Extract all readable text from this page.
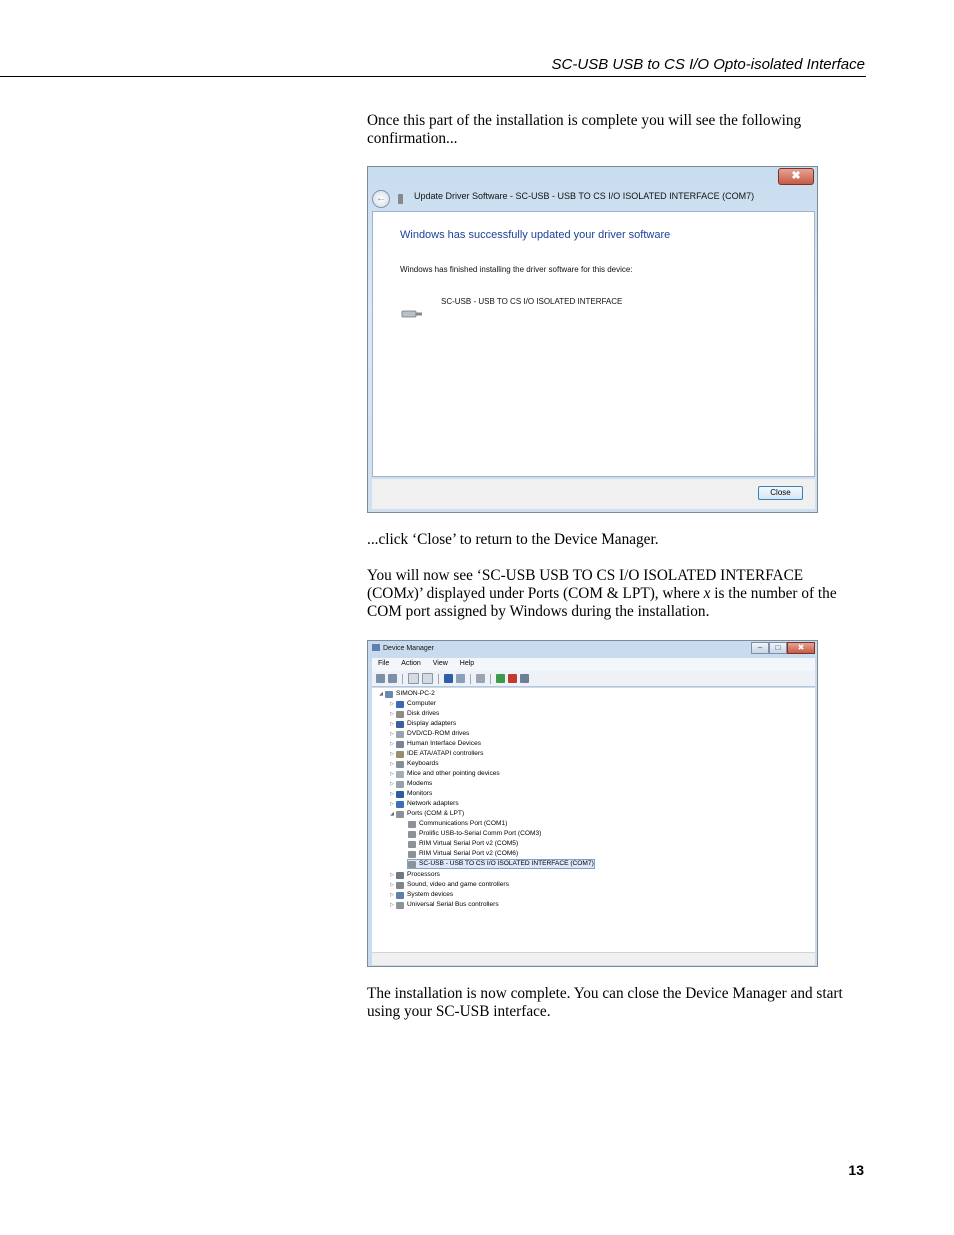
SC-USB USB to CS I/O Opto-isolated Interface

Once this part of the installation is complete you will see the following confirmation...

✖
←	Update Driver Software - SC-USB - USB TO CS I/O ISOLATED INTERFACE (COM7)
Windows has successfully updated your driver software
Windows has finished installing the driver software for this device:
SC-USB - USB TO CS I/O ISOLATED INTERFACE
Close

...click ‘Close’ to return to the Device Manager.

You will now see ‘SC-USB USB TO CS I/O ISOLATED INTERFACE (COMx)’ displayed under Ports (COM & LPT), where x is the number of the COM port assigned by Windows during the installation.

Device Manager	–	□	✖
File	Action	View	Help
◢	SIMON-PC-2
▷	Computer
▷	Disk drives
▷	Display adapters
▷	DVD/CD-ROM drives
▷	Human Interface Devices
▷	IDE ATA/ATAPI controllers
▷	Keyboards
▷	Mice and other pointing devices
▷	Modems
▷	Monitors
▷	Network adapters
◢	Ports (COM & LPT)
Communications Port (COM1)
Prolific USB-to-Serial Comm Port (COM3)
RIM Virtual Serial Port v2 (COM5)
RIM Virtual Serial Port v2 (COM6)
SC-USB - USB TO CS I/O ISOLATED INTERFACE (COM7)
▷	Processors
▷	Sound, video and game controllers
▷	System devices
▷	Universal Serial Bus controllers

The installation is now complete. You can close the Device Manager and start using your SC-USB interface.

13
